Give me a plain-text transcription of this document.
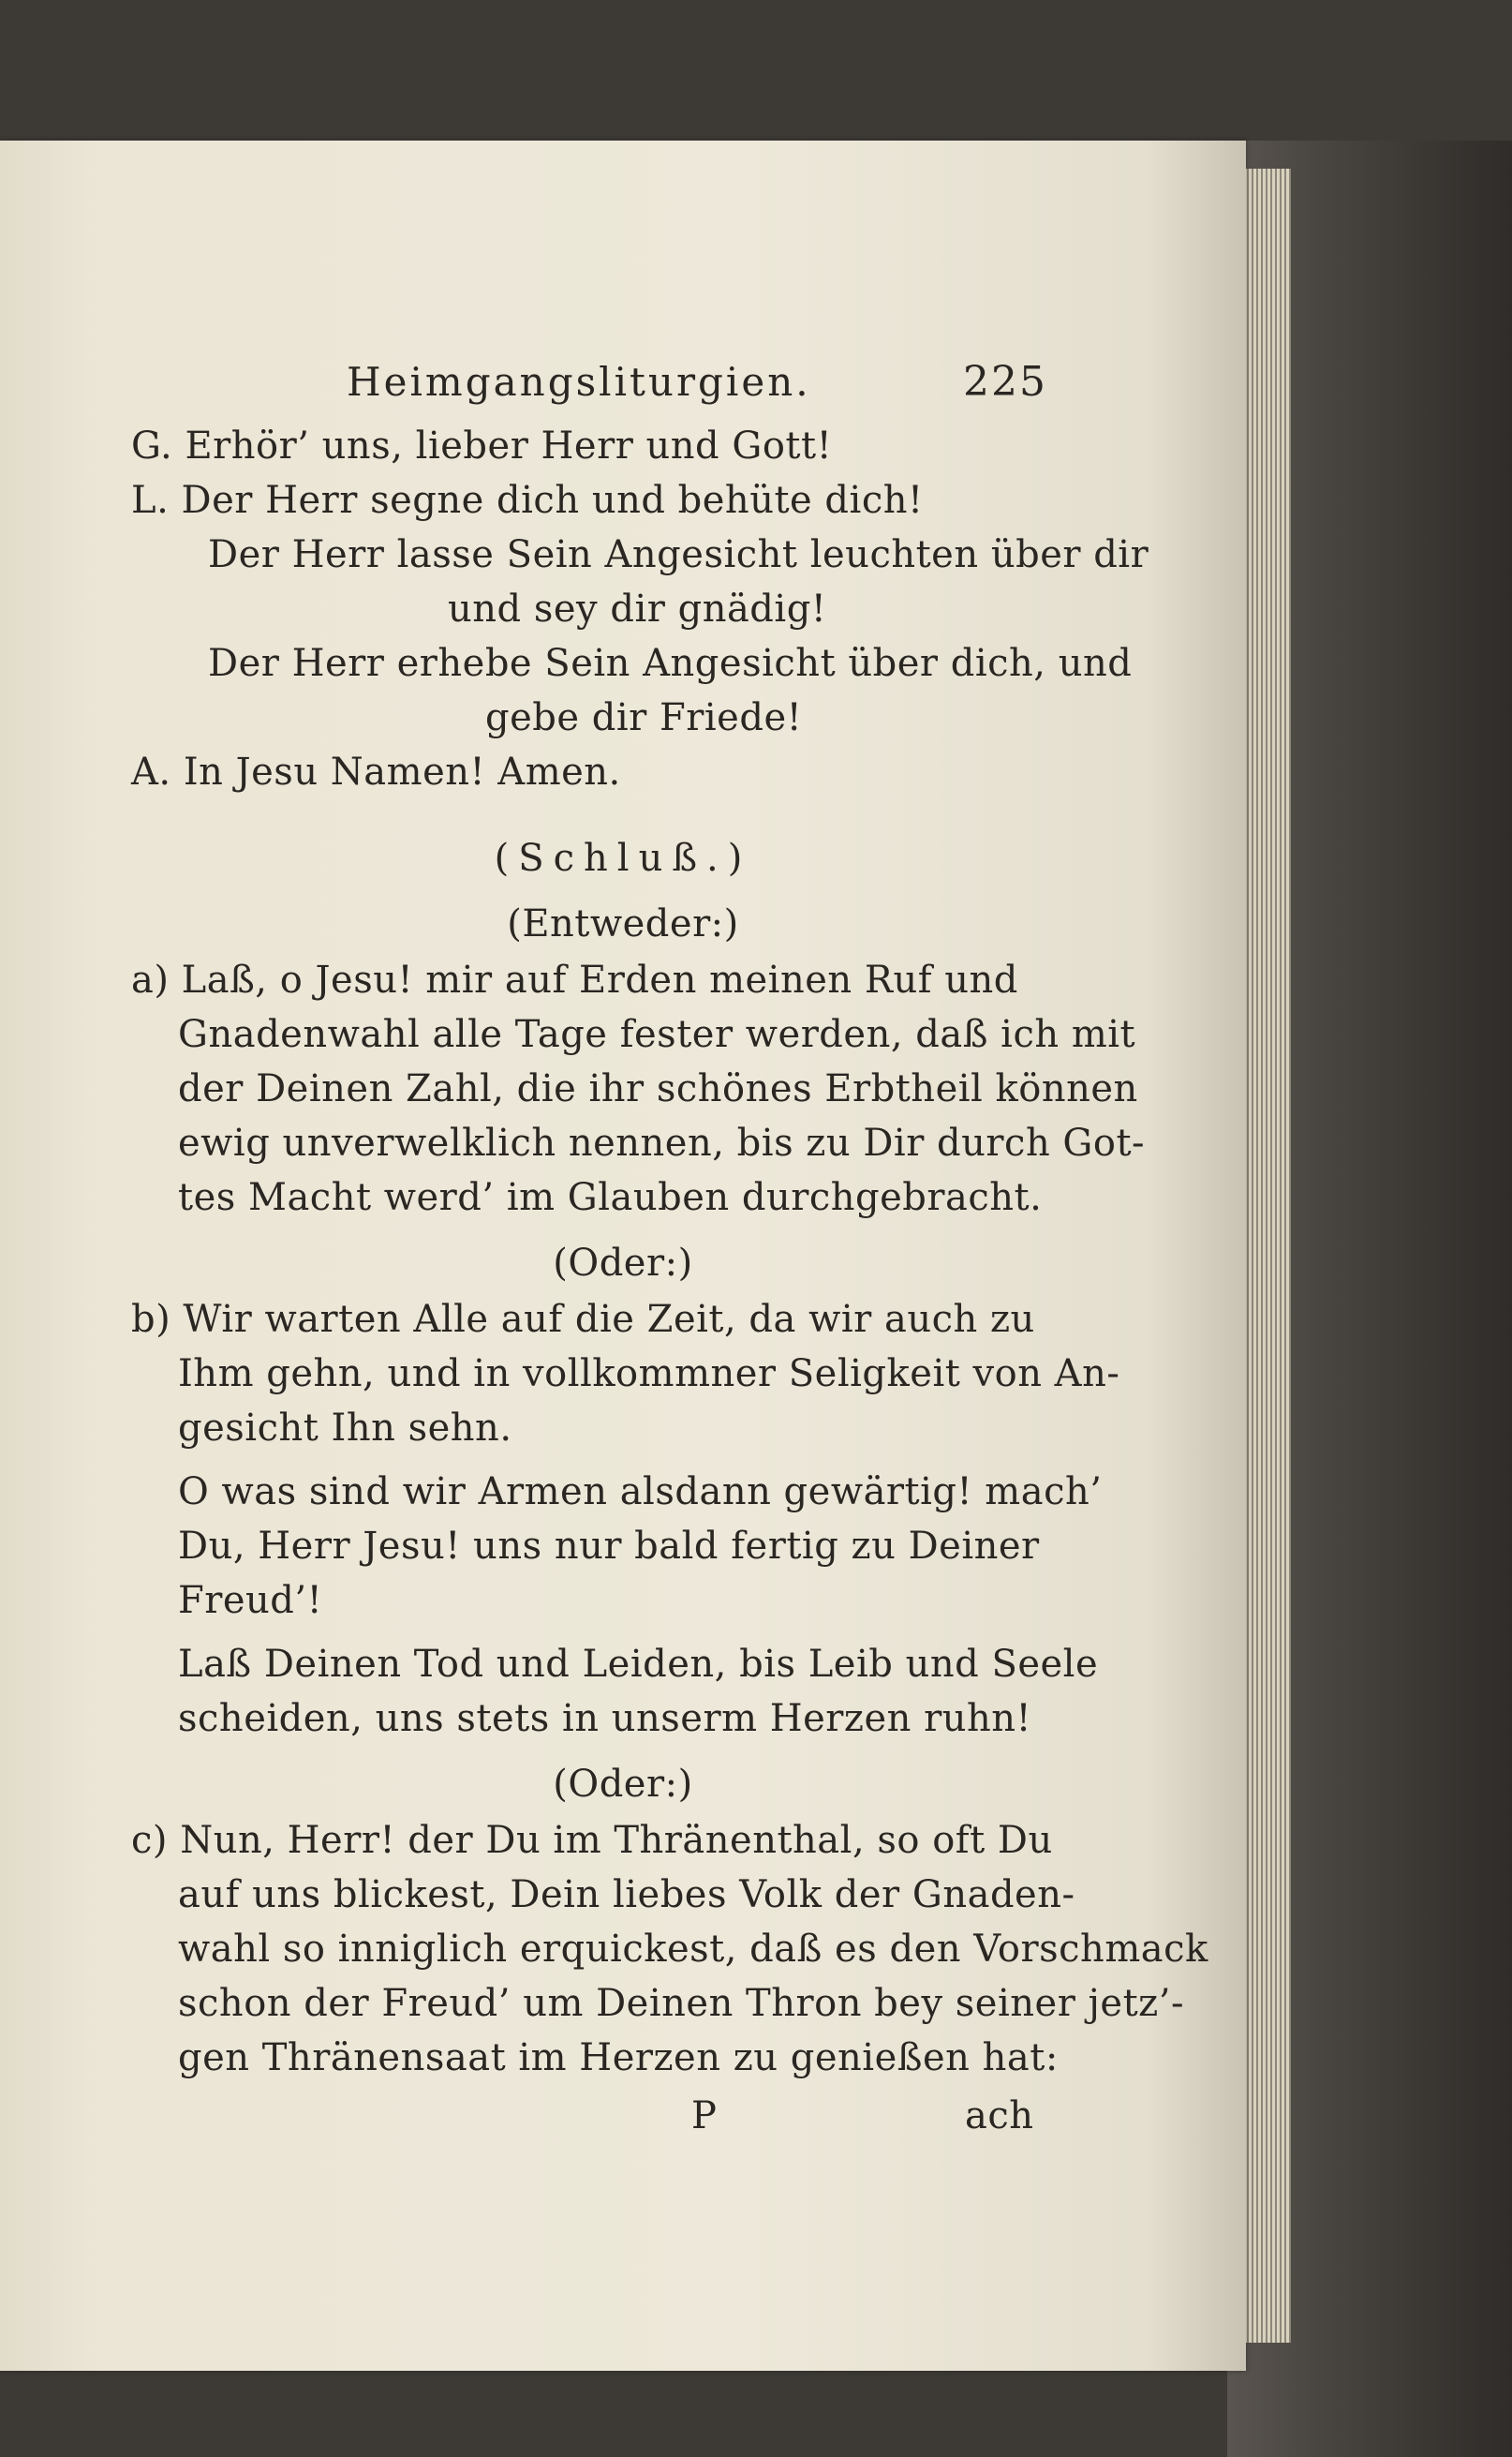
Heimgangsliturgien.	225
G. Erhör’ uns, lieber Herr und Gott!
L. Der Herr segne dich und behüte dich!
Der Herr lasse Sein Angesicht leuchten über dir
und sey dir gnädig!
Der Herr erhebe Sein Angesicht über dich, und
gebe dir Friede!
A. In Jesu Namen! Amen.
(Schluß.)
(Entweder:)
a) Laß, o Jesu! mir auf Erden meinen Ruf und
Gnadenwahl alle Tage fester werden, daß ich mit
der Deinen Zahl, die ihr schönes Erbtheil können
ewig unverwelklich nennen, bis zu Dir durch Got-
tes Macht werd’ im Glauben durchgebracht.
(Oder:)
b) Wir warten Alle auf die Zeit, da wir auch zu
Ihm gehn, und in vollkommner Seligkeit von An-
gesicht Ihn sehn.
O was sind wir Armen alsdann gewärtig! mach’
Du, Herr Jesu! uns nur bald fertig zu Deiner
Freud’!
Laß Deinen Tod und Leiden, bis Leib und Seele
scheiden, uns stets in unserm Herzen ruhn!
(Oder:)
c) Nun, Herr! der Du im Thränenthal, so oft Du
auf uns blickest, Dein liebes Volk der Gnaden-
wahl so inniglich erquickest, daß es den Vorschmack
schon der Freud’ um Deinen Thron bey seiner jetz’-
gen Thränensaat im Herzen zu genießen hat:
P	ach
